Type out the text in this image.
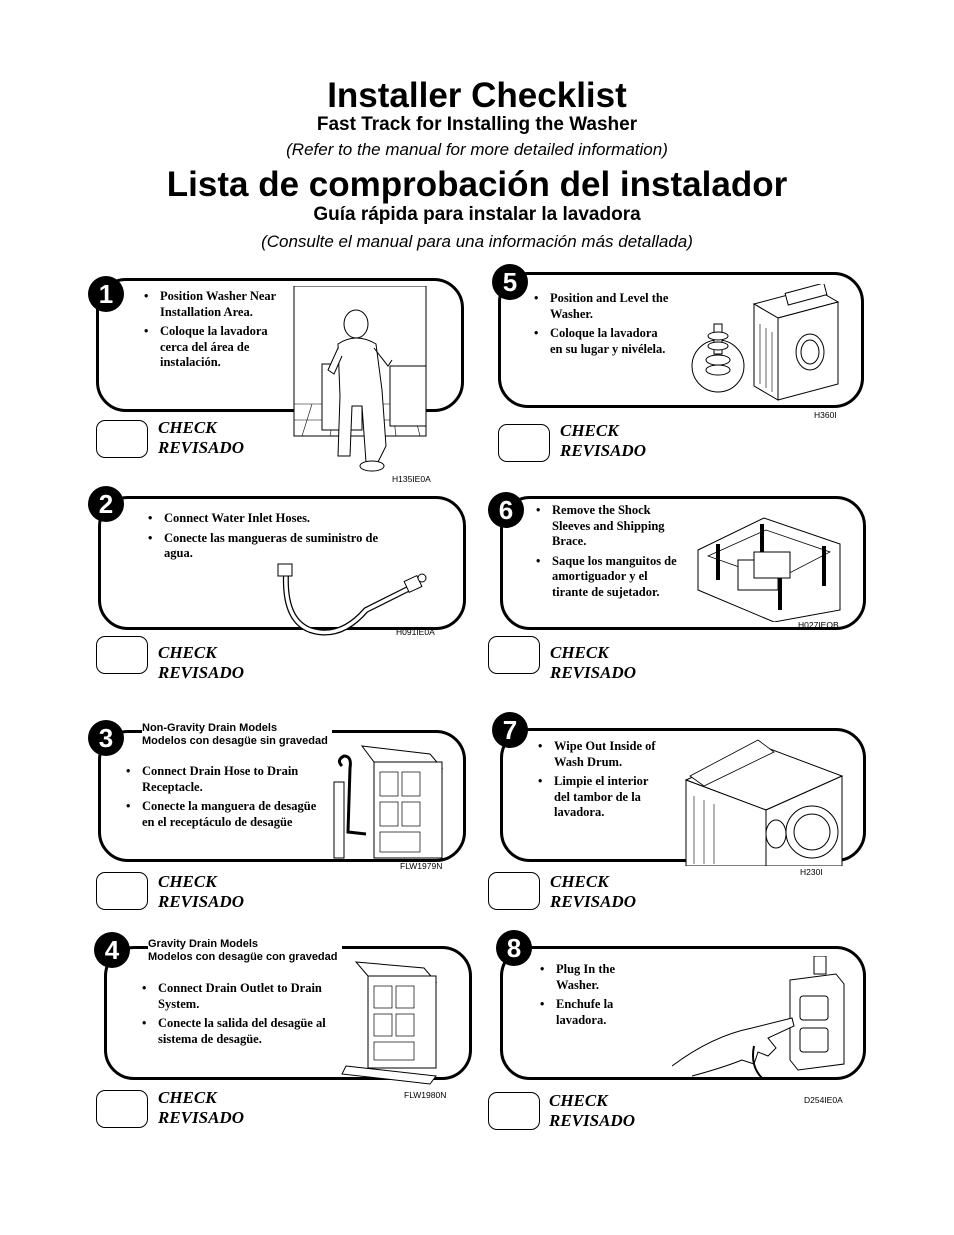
Installer Checklist
Fast Track for Installing the Washer
(Refer to the manual for more detailed information)
Lista de comprobación del instalador
Guía rápida para instalar la lavadora
(Consulte el manual para una información más detallada)
1	• Position Washer Near Installation Area.
• Coloque la lavadora cerca del área de instalación.
H135IE0A
CHECK
REVISADO
2	• Connect Water Inlet Hoses.
• Conecte las mangueras de suministro de agua.
H091IE0A
CHECK
REVISADO
3	Non-Gravity Drain Models
Modelos con desagüe sin gravedad
• Connect Drain Hose to Drain Receptacle.
• Conecte la manguera de desagüe en el receptáculo de desagüe
FLW1979N
CHECK
REVISADO
4	Gravity Drain Models
Modelos con desagüe con gravedad
• Connect Drain Outlet to Drain System.
• Conecte la salida del desagüe al sistema de desagüe.
FLW1980N
CHECK
REVISADO
5
• Position and Level the Washer.
• Coloque la lavadora en su lugar y nivélela.
H360I
CHECK
REVISADO
6	• Remove the Shock Sleeves and Shipping Brace.
• Saque los manguitos de amortiguador y el tirante de sujetador.
H027IEOB
CHECK
REVISADO
7
• Wipe Out Inside of Wash Drum.
• Limpie el interior del tambor de la lavadora.
H230I
CHECK
REVISADO
8
• Plug In the Washer.
• Enchufe la lavadora.
D254IE0A
CHECK
REVISADO
